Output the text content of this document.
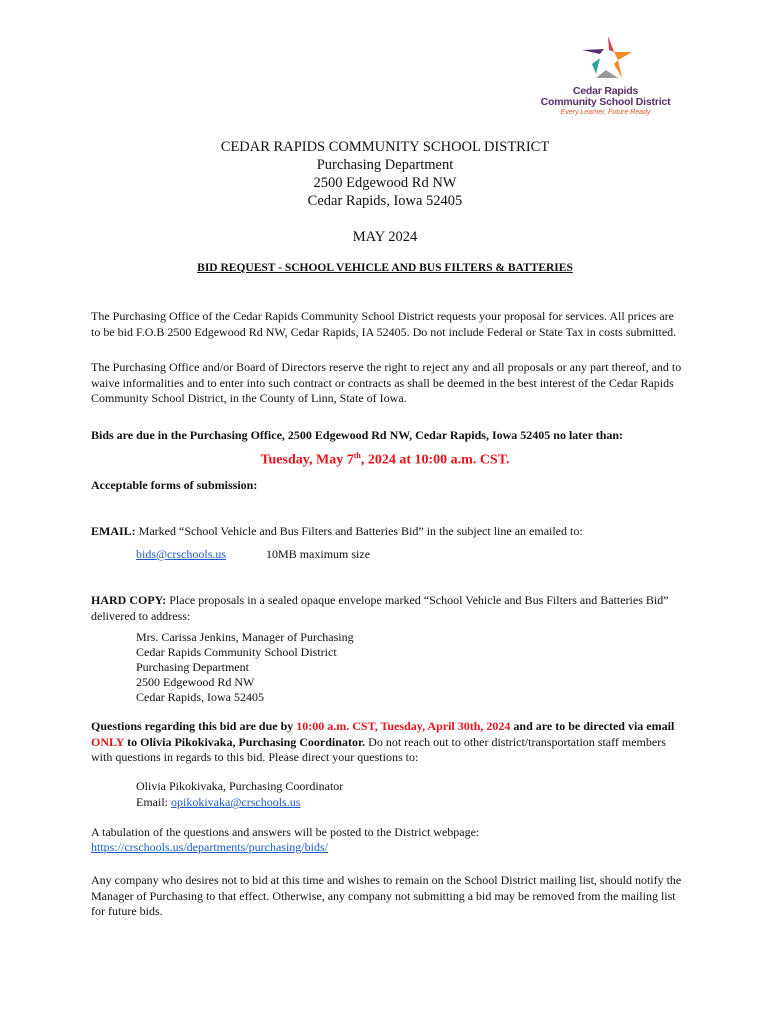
Cedar Rapids
Community School District
Every Learner, Future Ready
CEDAR RAPIDS COMMUNITY SCHOOL DISTRICT
Purchasing Department
2500 Edgewood Rd NW
Cedar Rapids, Iowa 52405
MAY 2024
BID REQUEST - SCHOOL VEHICLE AND BUS FILTERS & BATTERIES
The Purchasing Office of the Cedar Rapids Community School District requests your proposal for services. All prices are to be bid F.O.B 2500 Edgewood Rd NW, Cedar Rapids, IA 52405. Do not include Federal or State Tax in costs submitted.
The Purchasing Office and/or Board of Directors reserve the right to reject any and all proposals or any part thereof, and to waive informalities and to enter into such contract or contracts as shall be deemed in the best interest of the Cedar Rapids Community School District, in the County of Linn, State of Iowa.
Bids are due in the Purchasing Office, 2500 Edgewood Rd NW, Cedar Rapids, Iowa 52405 no later than:
Tuesday, May 7th, 2024 at 10:00 a.m. CST.
Acceptable forms of submission:
EMAIL: Marked “School Vehicle and Bus Filters and Batteries Bid” in the subject line an emailed to:
bids@crschools.us	10MB maximum size
HARD COPY: Place proposals in a sealed opaque envelope marked “School Vehicle and Bus Filters and Batteries Bid” delivered to address:
Mrs. Carissa Jenkins, Manager of Purchasing
Cedar Rapids Community School District
Purchasing Department
2500 Edgewood Rd NW
Cedar Rapids, Iowa 52405
Questions regarding this bid are due by 10:00 a.m. CST, Tuesday, April 30th, 2024 and are to be directed via email ONLY to Olivia Pikokivaka, Purchasing Coordinator. Do not reach out to other district/transportation staff members with questions in regards to this bid. Please direct your questions to:
Olivia Pikokivaka, Purchasing Coordinator
Email: opikokivaka@crschools.us
A tabulation of the questions and answers will be posted to the District webpage:
https://crschools.us/departments/purchasing/bids/
Any company who desires not to bid at this time and wishes to remain on the School District mailing list, should notify the Manager of Purchasing to that effect. Otherwise, any company not submitting a bid may be removed from the mailing list for future bids.
